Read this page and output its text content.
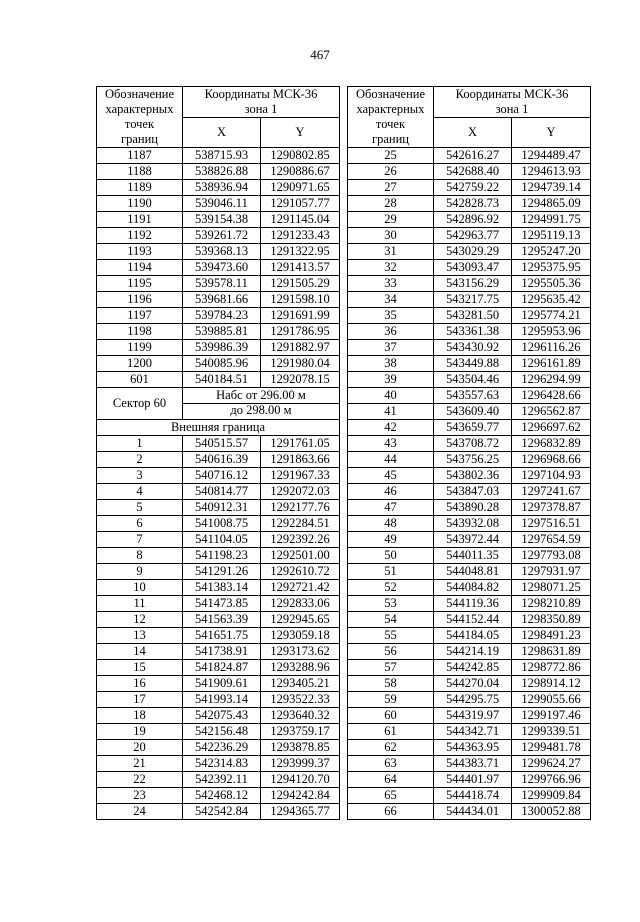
467
Обозначение
характерных
точек
границ	Координаты МСК-36
зона 1	

	X	Y
1187	538715.93	1290802.85
1188	538826.88	1290886.67
1189	538936.94	1290971.65
1190	539046.11	1291057.77
1191	539154.38	1291145.04
1192	539261.72	1291233.43
1193	539368.13	1291322.95
1194	539473.60	1291413.57
1195	539578.11	1291505.29
1196	539681.66	1291598.10
1197	539784.23	1291691.99
1198	539885.81	1291786.95
1199	539986.39	1291882.97
1200	540085.96	1291980.04
601	540184.51	1292078.15
Сектор 60	Набс от 296.00 м	
	до 298.00 м	
Внешняя граница		
1	540515.57	1291761.05
2	540616.39	1291863.66
3	540716.12	1291967.33
4	540814.77	1292072.03
5	540912.31	1292177.76
6	541008.75	1292284.51
7	541104.05	1292392.26
8	541198.23	1292501.00
9	541291.26	1292610.72
10	541383.14	1292721.42
11	541473.85	1292833.06
12	541563.39	1292945.65
13	541651.75	1293059.18
14	541738.91	1293173.62
15	541824.87	1293288.96
16	541909.61	1293405.21
17	541993.14	1293522.33
18	542075.43	1293640.32
19	542156.48	1293759.17
20	542236.29	1293878.85
21	542314.83	1293999.37
22	542392.11	1294120.70
23	542468.12	1294242.84
24	542542.84	1294365.77
Обозначение
характерных
точек
границ	Координаты МСК-36
зона 1	

	X	Y
25	542616.27	1294489.47
26	542688.40	1294613.93
27	542759.22	1294739.14
28	542828.73	1294865.09
29	542896.92	1294991.75
30	542963.77	1295119.13
31	543029.29	1295247.20
32	543093.47	1295375.95
33	543156.29	1295505.36
34	543217.75	1295635.42
35	543281.50	1295774.21
36	543361.38	1295953.96
37	543430.92	1296116.26
38	543449.88	1296161.89
39	543504.46	1296294.99
40	543557.63	1296428.66
41	543609.40	1296562.87
42	543659.77	1296697.62
43	543708.72	1296832.89
44	543756.25	1296968.66
45	543802.36	1297104.93
46	543847.03	1297241.67
47	543890.28	1297378.87
48	543932.08	1297516.51
49	543972.44	1297654.59
50	544011.35	1297793.08
51	544048.81	1297931.97
52	544084.82	1298071.25
53	544119.36	1298210.89
54	544152.44	1298350.89
55	544184.05	1298491.23
56	544214.19	1298631.89
57	544242.85	1298772.86
58	544270.04	1298914.12
59	544295.75	1299055.66
60	544319.97	1299197.46
61	544342.71	1299339.51
62	544363.95	1299481.78
63	544383.71	1299624.27
64	544401.97	1299766.96
65	544418.74	1299909.84
66	544434.01	1300052.88
